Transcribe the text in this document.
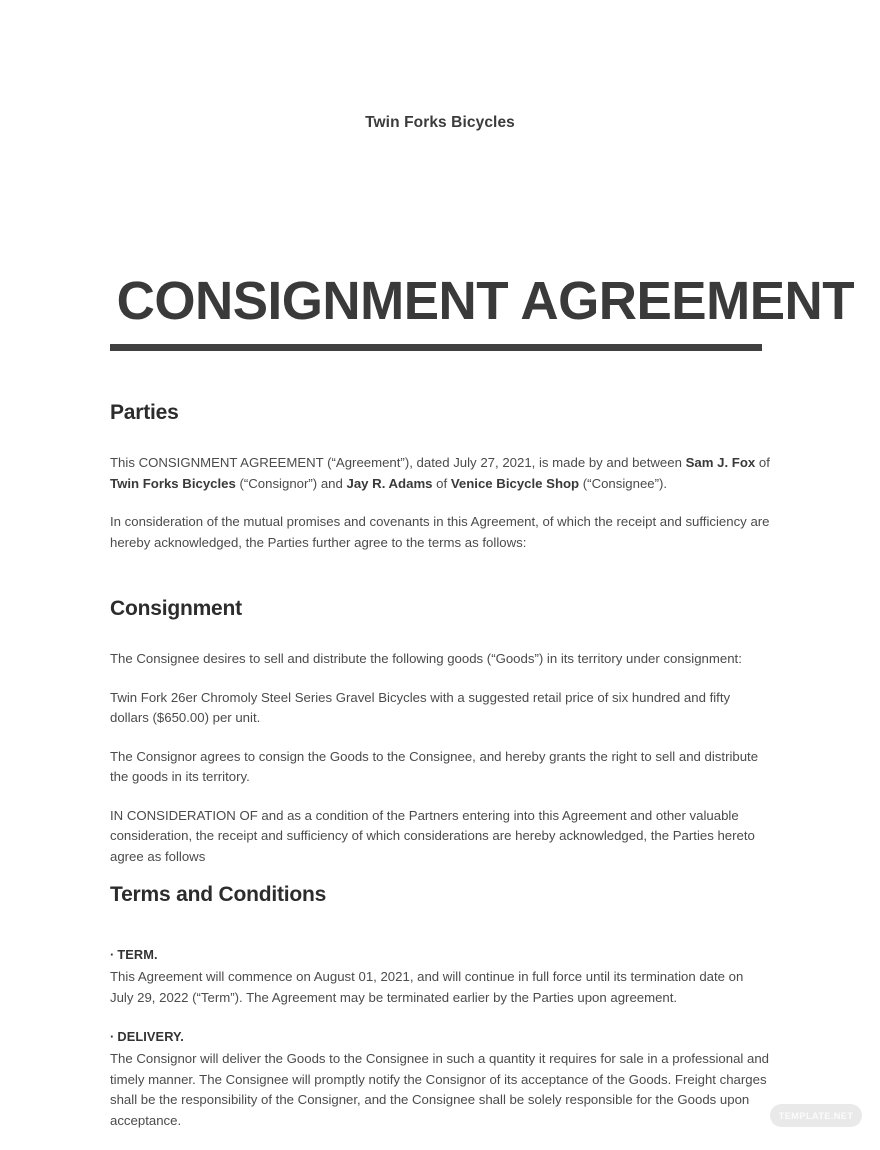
Twin Forks Bicycles
CONSIGNMENT AGREEMENT
Parties

This CONSIGNMENT AGREEMENT (“Agreement”), dated July 27, 2021, is made by and between Sam J. Fox of Twin Forks Bicycles (“Consignor”) and Jay R. Adams of Venice Bicycle Shop (“Consignee”).

In consideration of the mutual promises and covenants in this Agreement, of which the receipt and sufficiency are hereby acknowledged, the Parties further agree to the terms as follows:

Consignment

The Consignee desires to sell and distribute the following goods (“Goods”) in its territory under consignment:

Twin Fork 26er Chromoly Steel Series Gravel Bicycles with a suggested retail price of six hundred and fifty dollars ($650.00) per unit.

The Consignor agrees to consign the Goods to the Consignee, and hereby grants the right to sell and distribute the goods in its territory.

IN CONSIDERATION OF and as a condition of the Partners entering into this Agreement and other valuable consideration, the receipt and sufficiency of which considerations are hereby acknowledged, the Parties hereto agree as follows

Terms and Conditions

· TERM.

This Agreement will commence on August 01, 2021, and will continue in full force until its termination date on July 29, 2022 (“Term”). The Agreement may be terminated earlier by the Parties upon agreement.

· DELIVERY.

The Consignor will deliver the Goods to the Consignee in such a quantity it requires for sale in a professional and timely manner. The Consignee will promptly notify the Consignor of its acceptance of the Goods. Freight charges shall be the responsibility of the Consigner, and the Consignee shall be solely responsible for the Goods upon acceptance.	TEMPLATE.NET
